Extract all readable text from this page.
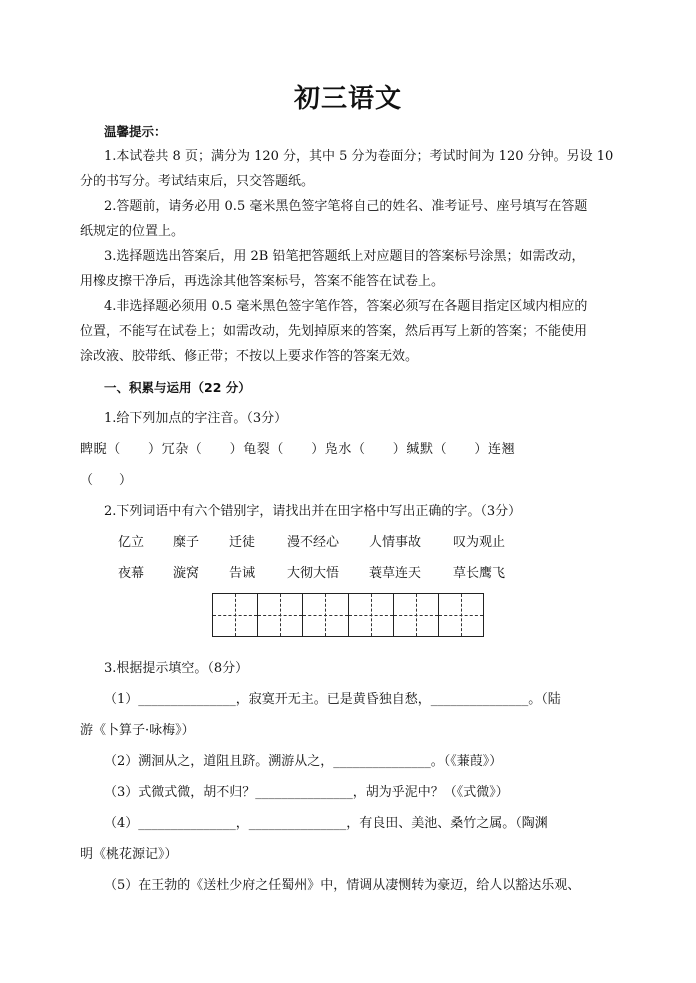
初三语文
温馨提示：
1.本试卷共 8 页；满分为 120 分，其中 5 分为卷面分；考试时间为 120 分钟。另设 10
分的书写分。考试结束后，只交答题纸。
2.答题前，请务必用 0.5 毫米黑色签字笔将自己的姓名、准考证号、座号填写在答题
纸规定的位置上。
3.选择题选出答案后，用 2B 铅笔把答题纸上对应题目的答案标号涂黑；如需改动，
用橡皮擦干净后，再选涂其他答案标号，答案不能答在试卷上。
4.非选择题必须用 0.5 毫米黑色签字笔作答，答案必须写在各题目指定区域内相应的
位置，不能写在试卷上；如需改动，先划掉原来的答案，然后再写上新的答案；不能使用
涂改液、胶带纸、修正带；不按以上要求作答的答案无效。
一、积累与运用（22 分）
1.给下列加点的字注音。（3分）
睥睨（　　）冗杂（　　）龟裂（　　）凫水（　　）缄默（　　）连翘
（　　）
2.下列词语中有六个错别字，请找出并在田字格中写出正确的字。（3分）
亿立 糜子 迁徒 漫不经心 人情事故 叹为观止
夜幕 漩窝 告诫 大彻大悟 蓑草连天 草长鹰飞
3.根据提示填空。（8分）
（1）_______________，寂寞开无主。已是黄昏独自愁，_______________。（陆
游《卜算子·咏梅》）
（2）溯洄从之，道阻且跻。溯游从之，_______________。（《蒹葭》）
（3）式微式微，胡不归？_______________，胡为乎泥中？（《式微》）
（4）_______________，_______________，有良田、美池、桑竹之属。（陶渊
明《桃花源记》）
（5）在王勃的《送杜少府之任蜀州》中，情调从凄恻转为豪迈，给人以豁达乐观、
